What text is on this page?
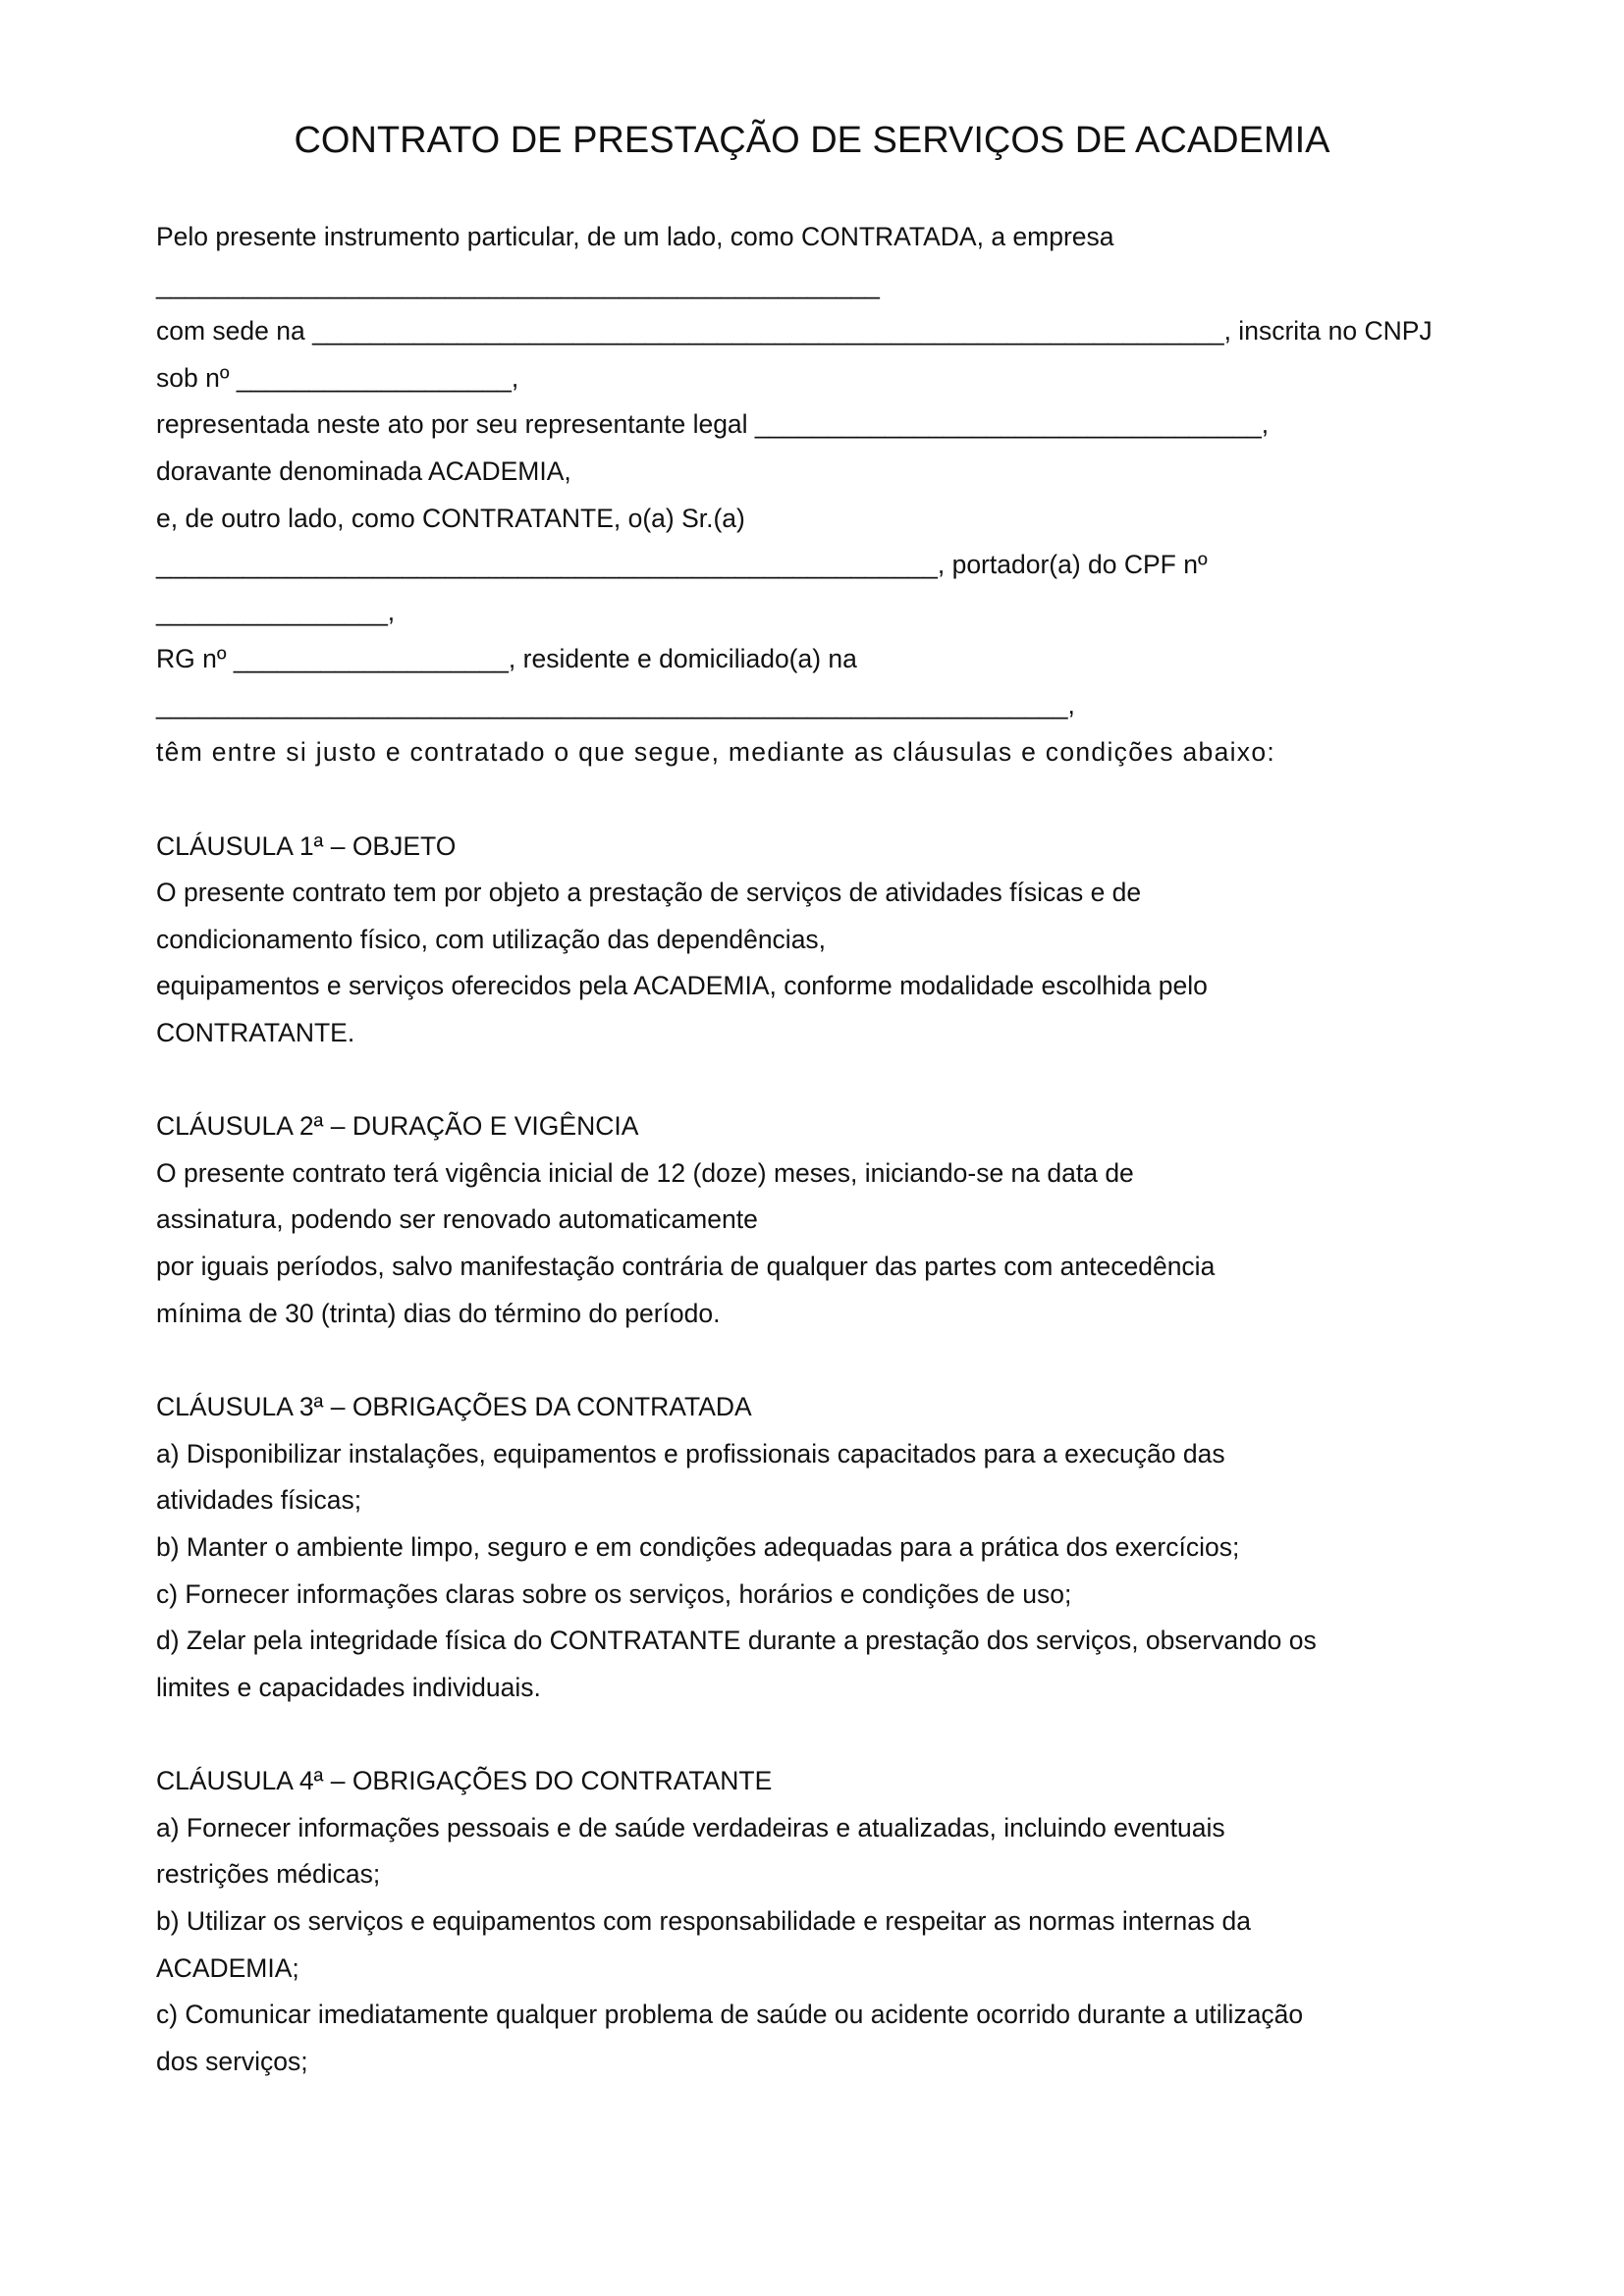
CONTRATO DE PRESTAÇÃO DE SERVIÇOS DE ACADEMIA
Pelo presente instrumento particular, de um lado, como CONTRATADA, a empresa
__________________________________________________
com sede na _______________________________________________________________, inscrita no CNPJ
sob nº ___________________,
representada neste ato por seu representante legal ___________________________________,
doravante denominada ACADEMIA,
e, de outro lado, como CONTRATANTE, o(a) Sr.(a)
______________________________________________________, portador(a) do CPF nº
________________,
RG nº ___________________, residente e domiciliado(a) na
_______________________________________________________________,
têm entre si justo e contratado o que segue, mediante as cláusulas e condições abaixo:
CLÁUSULA 1ª – OBJETO
O presente contrato tem por objeto a prestação de serviços de atividades físicas e de
condicionamento físico, com utilização das dependências,
equipamentos e serviços oferecidos pela ACADEMIA, conforme modalidade escolhida pelo
CONTRATANTE.
CLÁUSULA 2ª – DURAÇÃO E VIGÊNCIA
O presente contrato terá vigência inicial de 12 (doze) meses, iniciando-se na data de
assinatura, podendo ser renovado automaticamente
por iguais períodos, salvo manifestação contrária de qualquer das partes com antecedência
mínima de 30 (trinta) dias do término do período.
CLÁUSULA 3ª – OBRIGAÇÕES DA CONTRATADA
a) Disponibilizar instalações, equipamentos e profissionais capacitados para a execução das
atividades físicas;
b) Manter o ambiente limpo, seguro e em condições adequadas para a prática dos exercícios;
c) Fornecer informações claras sobre os serviços, horários e condições de uso;
d) Zelar pela integridade física do CONTRATANTE durante a prestação dos serviços, observando os
limites e capacidades individuais.
CLÁUSULA 4ª – OBRIGAÇÕES DO CONTRATANTE
a) Fornecer informações pessoais e de saúde verdadeiras e atualizadas, incluindo eventuais
restrições médicas;
b) Utilizar os serviços e equipamentos com responsabilidade e respeitar as normas internas da
ACADEMIA;
c) Comunicar imediatamente qualquer problema de saúde ou acidente ocorrido durante a utilização
dos serviços;
